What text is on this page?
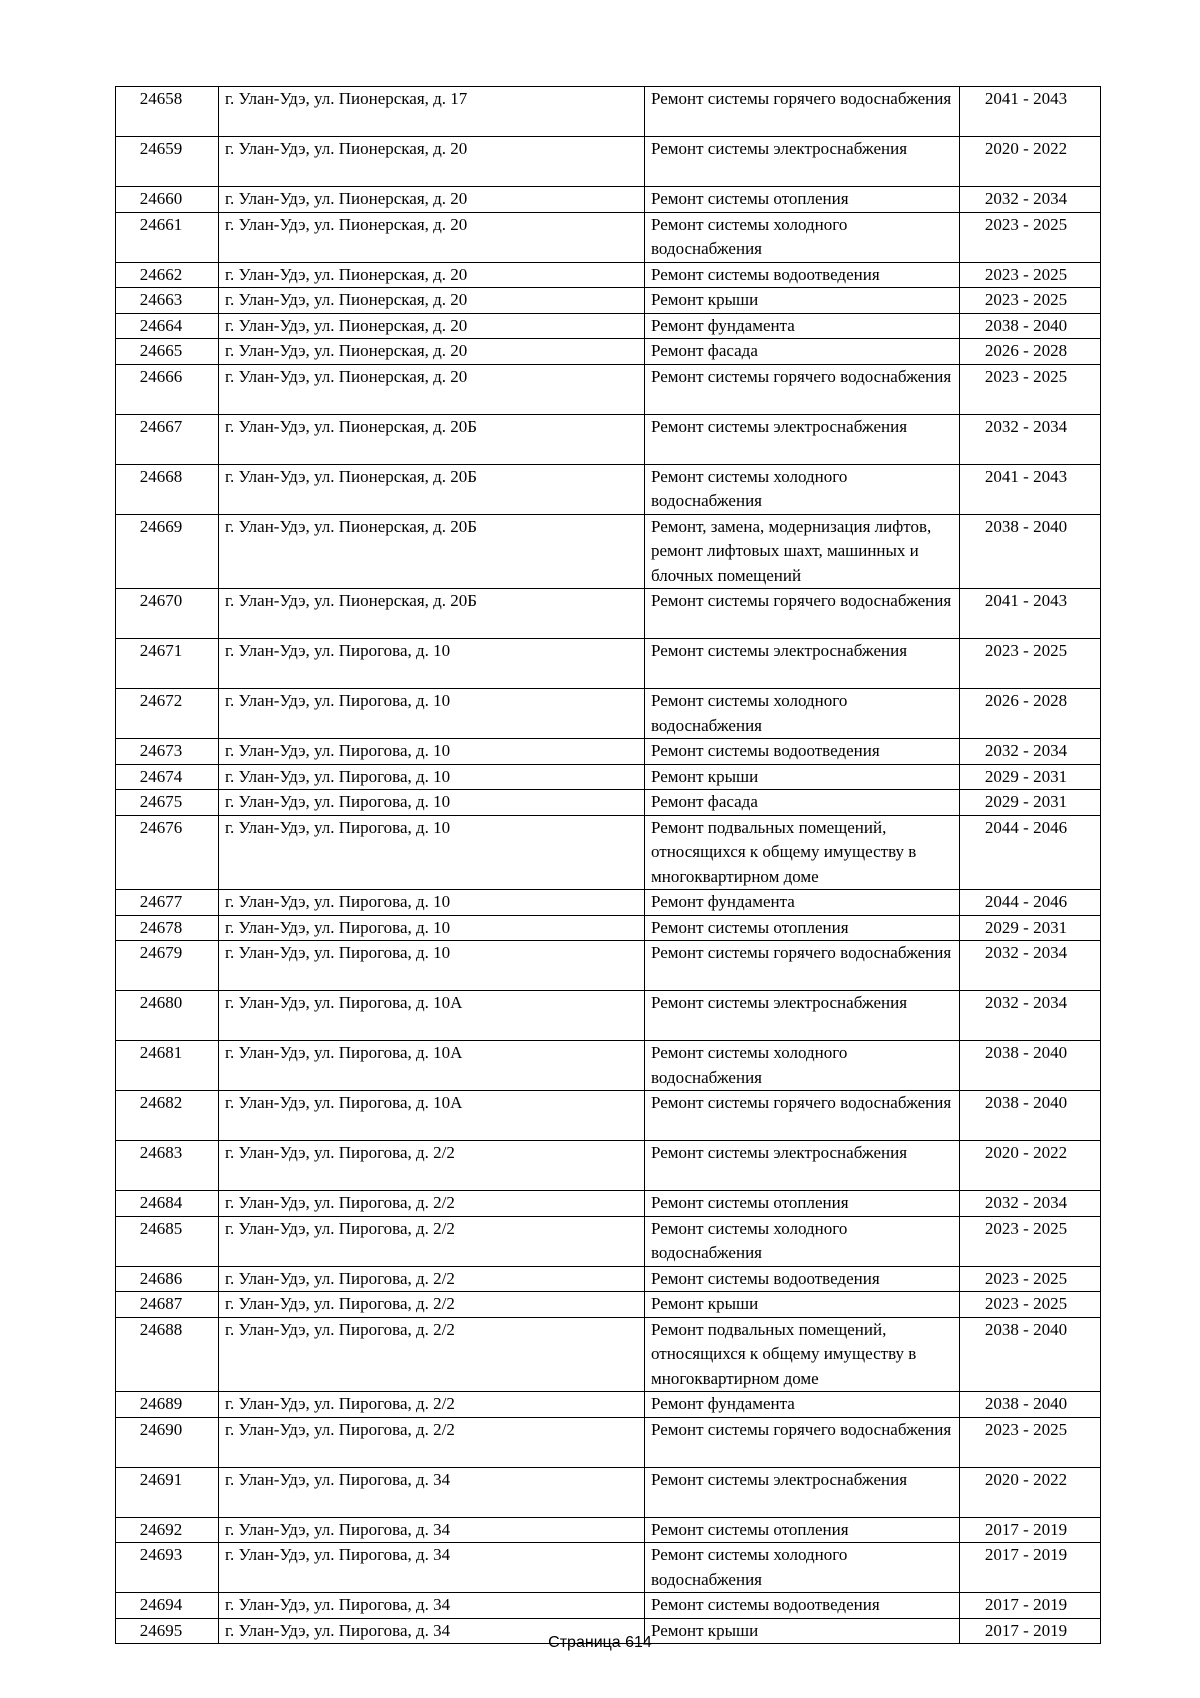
24658	г. Улан-Удэ, ул. Пионерская, д. 17	Ремонт системы горячего водоснабжения	2041 - 2043
24659	г. Улан-Удэ, ул. Пионерская, д. 20	Ремонт системы электроснабжения	2020 - 2022
24660	г. Улан-Удэ, ул. Пионерская, д. 20	Ремонт системы отопления	2032 - 2034
24661	г. Улан-Удэ, ул. Пионерская, д. 20	Ремонт системы холодного водоснабжения	2023 - 2025
24662	г. Улан-Удэ, ул. Пионерская, д. 20	Ремонт системы водоотведения	2023 - 2025
24663	г. Улан-Удэ, ул. Пионерская, д. 20	Ремонт крыши	2023 - 2025
24664	г. Улан-Удэ, ул. Пионерская, д. 20	Ремонт фундамента	2038 - 2040
24665	г. Улан-Удэ, ул. Пионерская, д. 20	Ремонт фасада	2026 - 2028
24666	г. Улан-Удэ, ул. Пионерская, д. 20	Ремонт системы горячего водоснабжения	2023 - 2025
24667	г. Улан-Удэ, ул. Пионерская, д. 20Б	Ремонт системы электроснабжения	2032 - 2034
24668	г. Улан-Удэ, ул. Пионерская, д. 20Б	Ремонт системы холодного водоснабжения	2041 - 2043
24669	г. Улан-Удэ, ул. Пионерская, д. 20Б	Ремонт, замена, модернизация лифтов, ремонт лифтовых шахт, машинных и блочных помещений	2038 - 2040
24670	г. Улан-Удэ, ул. Пионерская, д. 20Б	Ремонт системы горячего водоснабжения	2041 - 2043
24671	г. Улан-Удэ, ул. Пирогова, д. 10	Ремонт системы электроснабжения	2023 - 2025
24672	г. Улан-Удэ, ул. Пирогова, д. 10	Ремонт системы холодного водоснабжения	2026 - 2028
24673	г. Улан-Удэ, ул. Пирогова, д. 10	Ремонт системы водоотведения	2032 - 2034
24674	г. Улан-Удэ, ул. Пирогова, д. 10	Ремонт крыши	2029 - 2031
24675	г. Улан-Удэ, ул. Пирогова, д. 10	Ремонт фасада	2029 - 2031
24676	г. Улан-Удэ, ул. Пирогова, д. 10	Ремонт подвальных помещений, относящихся к общему имуществу в многоквартирном доме	2044 - 2046
24677	г. Улан-Удэ, ул. Пирогова, д. 10	Ремонт фундамента	2044 - 2046
24678	г. Улан-Удэ, ул. Пирогова, д. 10	Ремонт системы отопления	2029 - 2031
24679	г. Улан-Удэ, ул. Пирогова, д. 10	Ремонт системы горячего водоснабжения	2032 - 2034
24680	г. Улан-Удэ, ул. Пирогова, д. 10А	Ремонт системы электроснабжения	2032 - 2034
24681	г. Улан-Удэ, ул. Пирогова, д. 10А	Ремонт системы холодного водоснабжения	2038 - 2040
24682	г. Улан-Удэ, ул. Пирогова, д. 10А	Ремонт системы горячего водоснабжения	2038 - 2040
24683	г. Улан-Удэ, ул. Пирогова, д. 2/2	Ремонт системы электроснабжения	2020 - 2022
24684	г. Улан-Удэ, ул. Пирогова, д. 2/2	Ремонт системы отопления	2032 - 2034
24685	г. Улан-Удэ, ул. Пирогова, д. 2/2	Ремонт системы холодного водоснабжения	2023 - 2025
24686	г. Улан-Удэ, ул. Пирогова, д. 2/2	Ремонт системы водоотведения	2023 - 2025
24687	г. Улан-Удэ, ул. Пирогова, д. 2/2	Ремонт крыши	2023 - 2025
24688	г. Улан-Удэ, ул. Пирогова, д. 2/2	Ремонт подвальных помещений, относящихся к общему имуществу в многоквартирном доме	2038 - 2040
24689	г. Улан-Удэ, ул. Пирогова, д. 2/2	Ремонт фундамента	2038 - 2040
24690	г. Улан-Удэ, ул. Пирогова, д. 2/2	Ремонт системы горячего водоснабжения	2023 - 2025
24691	г. Улан-Удэ, ул. Пирогова, д. 34	Ремонт системы электроснабжения	2020 - 2022
24692	г. Улан-Удэ, ул. Пирогова, д. 34	Ремонт системы отопления	2017 - 2019
24693	г. Улан-Удэ, ул. Пирогова, д. 34	Ремонт системы холодного водоснабжения	2017 - 2019
24694	г. Улан-Удэ, ул. Пирогова, д. 34	Ремонт системы водоотведения	2017 - 2019
24695	г. Улан-Удэ, ул. Пирогова, д. 34	Ремонт крыши	2017 - 2019
Страница 614
